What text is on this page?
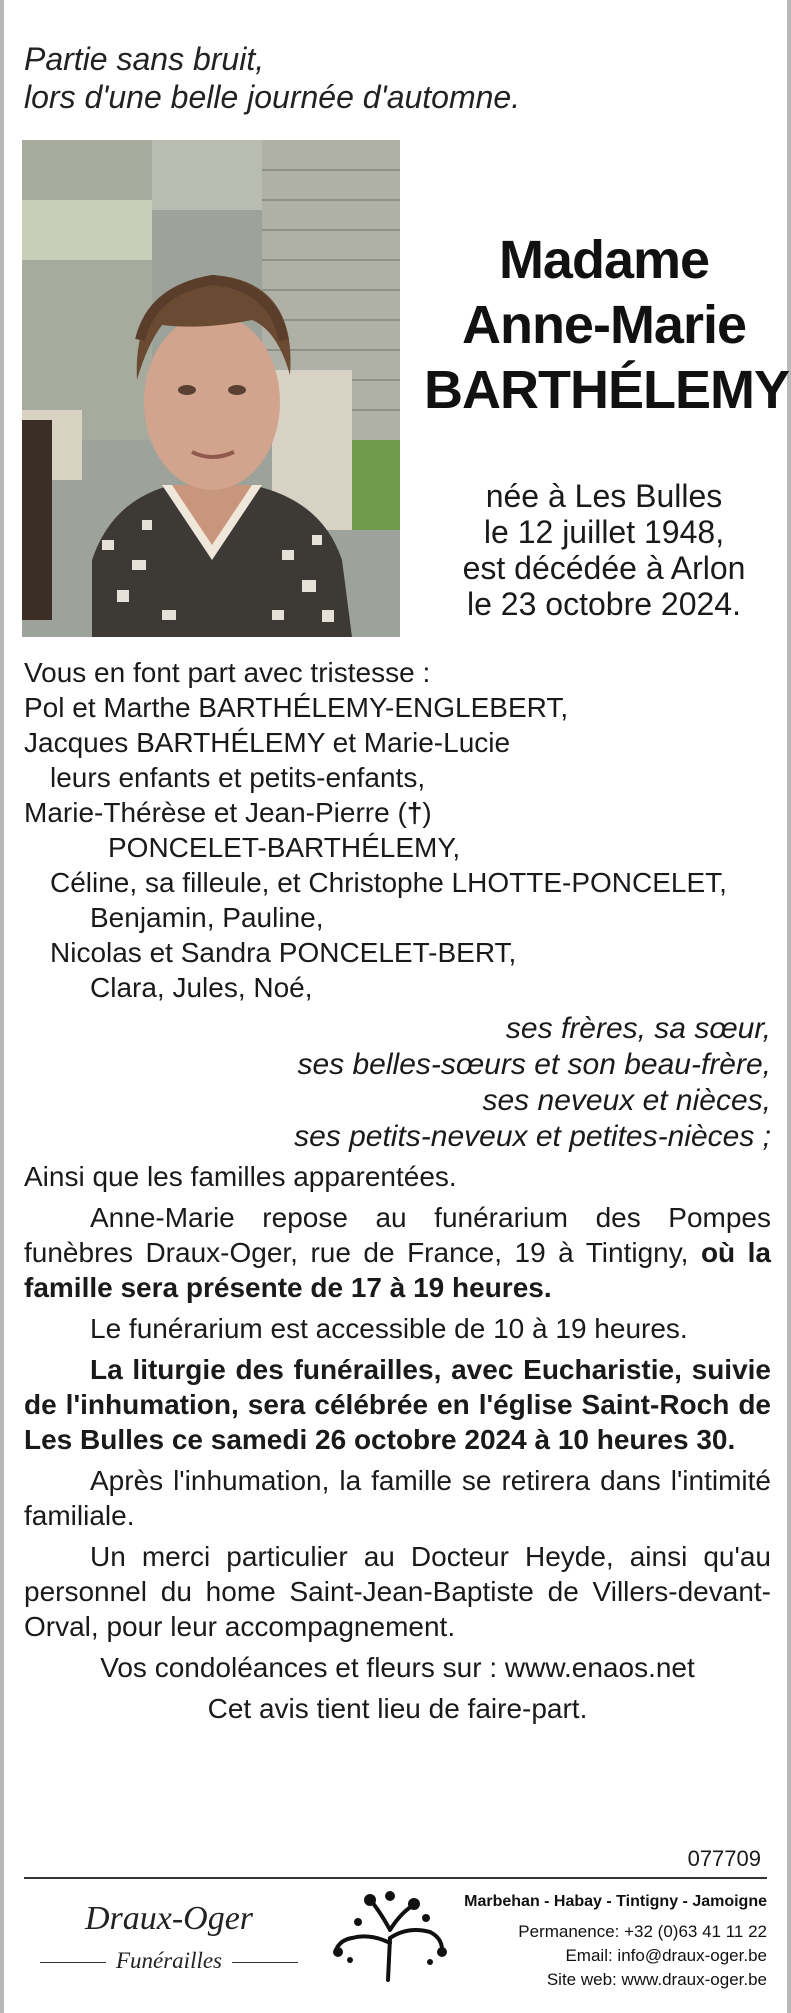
Partie sans bruit,
lors d'une belle journée d'automne.
Madame
Anne-Marie
BARTHÉLEMY
née à Les Bulles
le 12 juillet 1948,
est décédée à Arlon
le 23 octobre 2024.
Vous en font part avec tristesse :
Pol et Marthe BARTHÉLEMY-ENGLEBERT,
Jacques BARTHÉLEMY et Marie-Lucie
leurs enfants et petits-enfants,
Marie-Thérèse et Jean-Pierre (†)
PONCELET-BARTHÉLEMY,
Céline, sa filleule, et Christophe LHOTTE-PONCELET,
Benjamin, Pauline,
Nicolas et Sandra PONCELET-BERT,
Clara, Jules, Noé,
ses frères, sa sœur,
ses belles-sœurs et son beau-frère,
ses neveux et nièces,
ses petits-neveux et petites-nièces ;
Ainsi que les familles apparentées.

Anne-Marie repose au funérarium des Pompes funèbres Draux-Oger, rue de France, 19 à Tintigny, où la famille sera présente de 17 à 19 heures.

Le funérarium est accessible de 10 à 19 heures.

La liturgie des funérailles, avec Eucharistie, suivie de l'inhumation, sera célébrée en l'église Saint-Roch de Les Bulles ce samedi 26 octobre 2024 à 10 heures 30.

Après l'inhumation, la famille se retirera dans l'intimité familiale.

Un merci particulier au Docteur Heyde, ainsi qu'au personnel du home Saint-Jean-Baptiste de Villers-devant-Orval, pour leur accompagnement.

Vos condoléances et fleurs sur : www.enaos.net
Cet avis tient lieu de faire-part.
077709
Draux-Oger
Funérailles
Marbehan - Habay - Tintigny - Jamoigne
Permanence: +32 (0)63 41 11 22
Email: info@draux-oger.be
Site web: www.draux-oger.be
